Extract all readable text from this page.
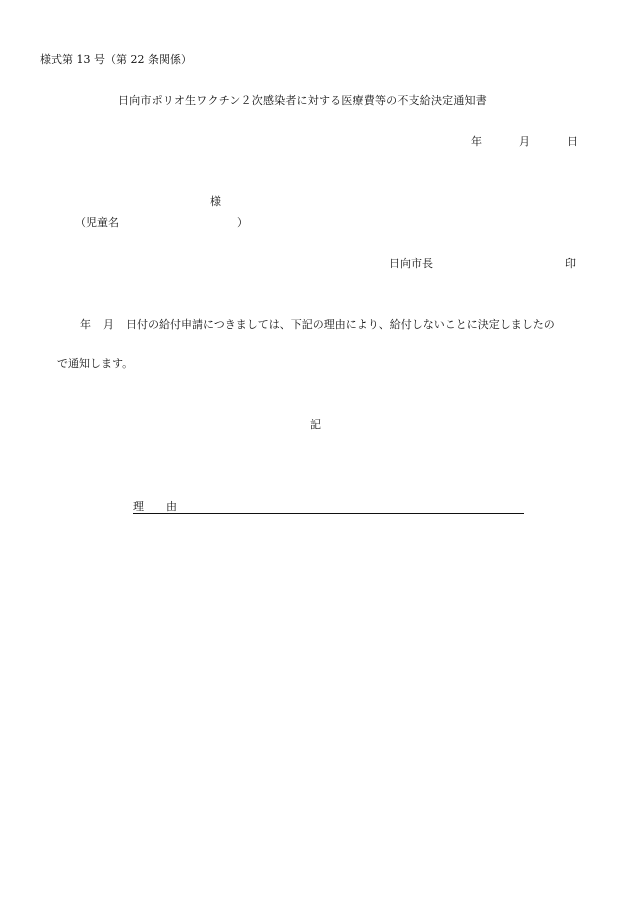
様式第 13 号（第 22 条関係）
日向市ポリオ生ワクチン２次感染者に対する医療費等の不支給決定通知書
年	月	日
様
（児童名	）
日向市長	印
年 月 日付の給付申請につきましては、下記の理由により、給付しないことに決定しましたの
で通知します。
記
理 由
